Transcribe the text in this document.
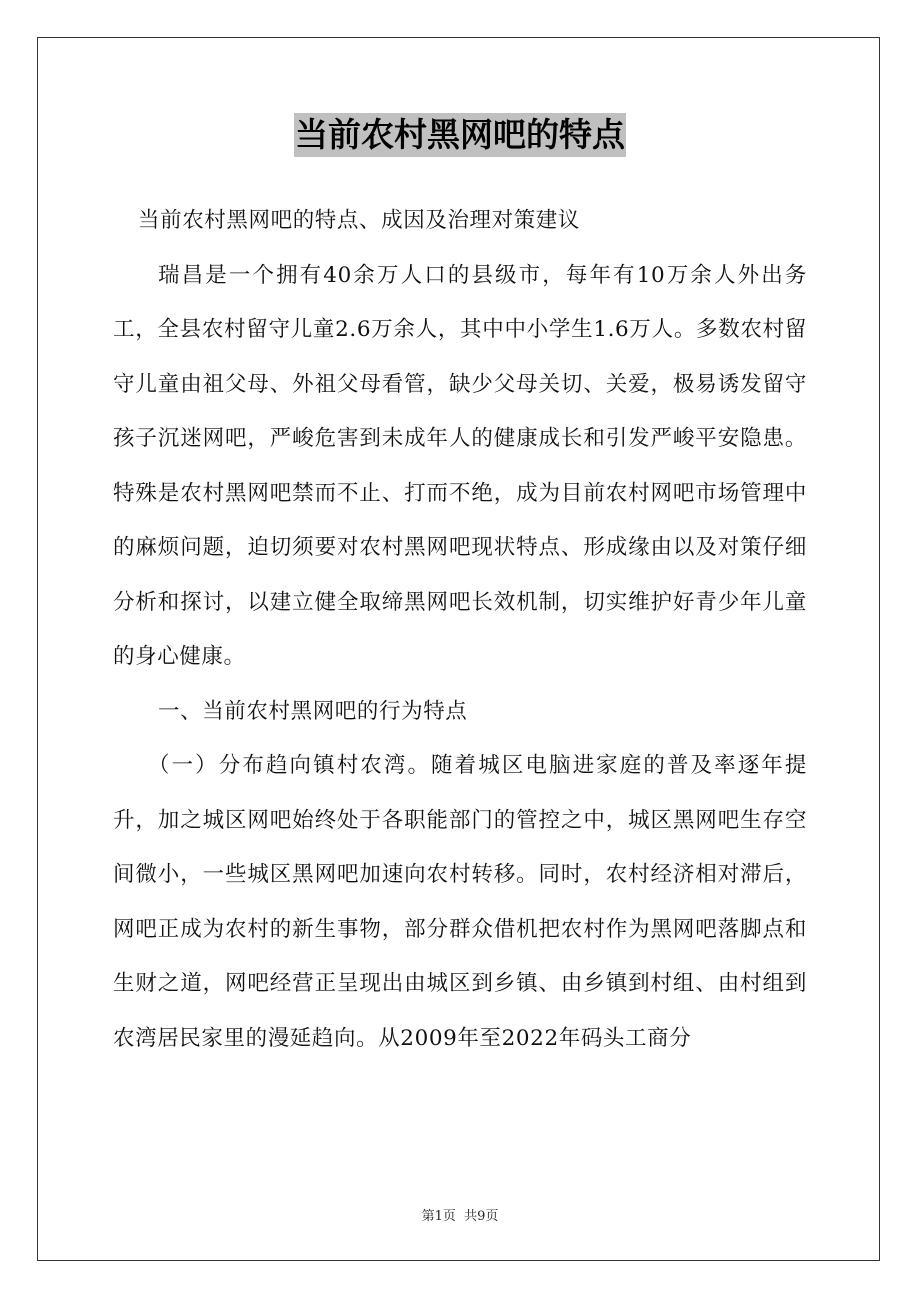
当前农村黑网吧的特点

当前农村黑网吧的特点、成因及治理对策建议

瑞昌是一个拥有40余万人口的县级市，每年有10万余人外出务工，全县农村留守儿童2.6万余人，其中中小学生1.6万人。多数农村留守儿童由祖父母、外祖父母看管，缺少父母关切、关爱，极易诱发留守孩子沉迷网吧，严峻危害到未成年人的健康成长和引发严峻平安隐患。特殊是农村黑网吧禁而不止、打而不绝，成为目前农村网吧市场管理中的麻烦问题，迫切须要对农村黑网吧现状特点、形成缘由以及对策仔细分析和探讨，以建立健全取缔黑网吧长效机制，切实维护好青少年儿童的身心健康。

一、当前农村黑网吧的行为特点

（一）分布趋向镇村农湾。随着城区电脑进家庭的普及率逐年提升，加之城区网吧始终处于各职能部门的管控之中，城区黑网吧生存空间微小，一些城区黑网吧加速向农村转移。同时，农村经济相对滞后，网吧正成为农村的新生事物，部分群众借机把农村作为黑网吧落脚点和生财之道，网吧经营正呈现出由城区到乡镇、由乡镇到村组、由村组到农湾居民家里的漫延趋向。从2009年至2022年码头工商分

第1页 共9页
